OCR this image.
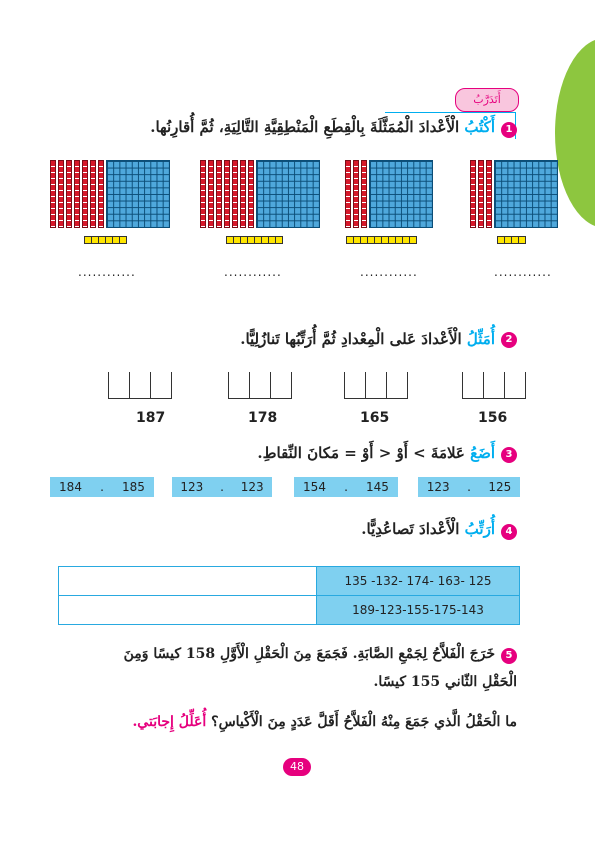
أَتَدَرَّبُ
1
أَكْتُبُ الْأَعْدادَ الْمُمَثَّلَةَ بِالْقِطَعِ الْمَنْطِقِيَّةِ التَّالِيَةِ، ثُمَّ أُقارِنُها.
............	............	............	............
2
أُمَثِّلُ الْأَعْدادَ عَلى الْمِعْدادِ ثُمَّ أُرَتِّبُها تَنازُلِيًّا.
187	178	165	156
3
أَضَعُ عَلامَةَ > أَوْ < أَوْ = مَكانَ النِّقاطِ.
184 . 185	123 . 123	154 . 145	123 . 125
4
أُرَتِّبُ الْأَعْدادَ تَصاعُدِيًّا.
135 -132- 174- 163- 125	
189-123-155-175-143	
5
خَرَجَ الْفَلاَّحُ لِجَمْعِ الصَّابَةِ. فَجَمَعَ مِنَ الْحَقْلِ الْأَوَّلِ 158 كيسًا وَمِنَ
الْحَقْلِ الثّاني 155 كيسًا.
ما الْحَقْلُ الَّذي جَمَعَ مِنْهُ الْفَلاَّحُ أَقَلَّ عَدَدٍ مِنَ الْأَكْياسِ؟ أُعَلِّلُ إِجابَتي.
48
